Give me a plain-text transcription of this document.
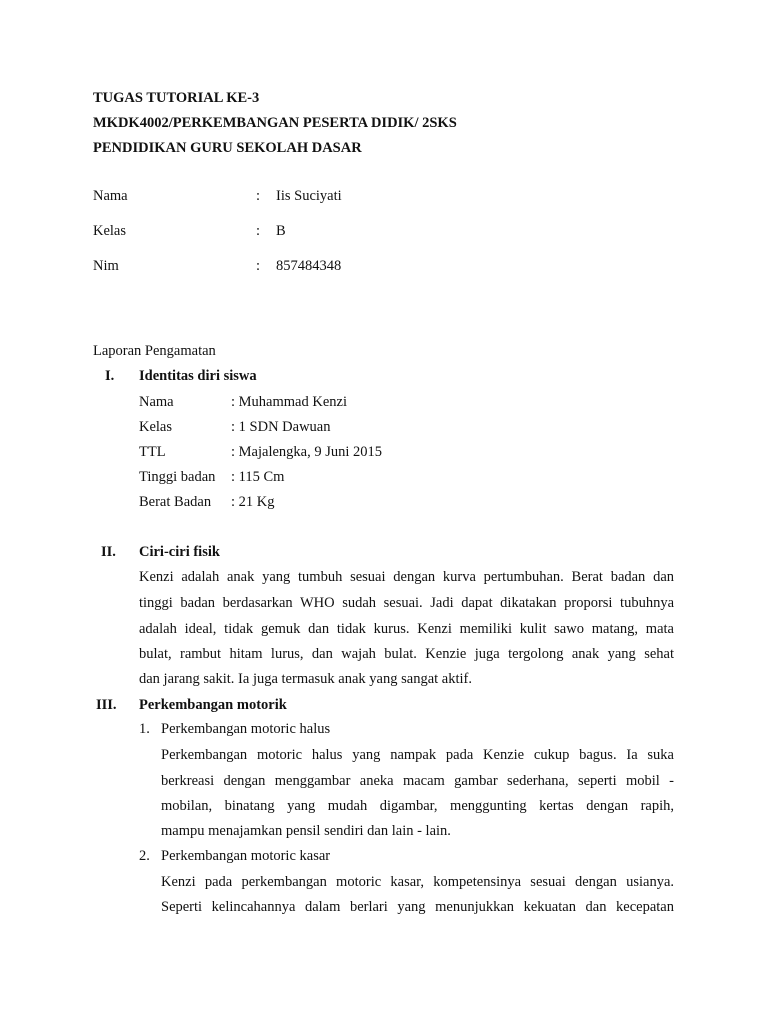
TUGAS TUTORIAL KE-3
MKDK4002/PERKEMBANGAN PESERTA DIDIK/ 2SKS
PENDIDIKAN GURU SEKOLAH DASAR
Nama	: Iis Suciyati
Kelas	: B
Nim	: 857484348
Laporan Pengamatan
I. Identitas diri siswa
Nama	: Muhammad Kenzi
Kelas	: 1 SDN Dawuan
TTL	: Majalengka, 9 Juni 2015
Tinggi badan : 115 Cm
Berat Badan : 21 Kg
II. Ciri-ciri fisik
Kenzi adalah anak yang tumbuh sesuai dengan kurva pertumbuhan. Berat badan dan
tinggi badan berdasarkan WHO sudah sesuai. Jadi dapat dikatakan proporsi tubuhnya
adalah ideal, tidak gemuk dan tidak kurus. Kenzi memiliki kulit sawo matang, mata
bulat, rambut hitam lurus, dan wajah bulat. Kenzie juga tergolong anak yang sehat
dan jarang sakit. Ia juga termasuk anak yang sangat aktif.
III. Perkembangan motorik
1. Perkembangan motoric halus
Perkembangan motoric halus yang nampak pada Kenzie cukup bagus. Ia suka
berkreasi dengan menggambar aneka macam gambar sederhana, seperti mobil -
mobilan, binatang yang mudah digambar, menggunting kertas dengan rapih,
mampu menajamkan pensil sendiri dan lain - lain.
2. Perkembangan motoric kasar
Kenzi pada perkembangan motoric kasar, kompetensinya sesuai dengan usianya.
Seperti kelincahannya dalam berlari yang menunjukkan kekuatan dan kecepatan
